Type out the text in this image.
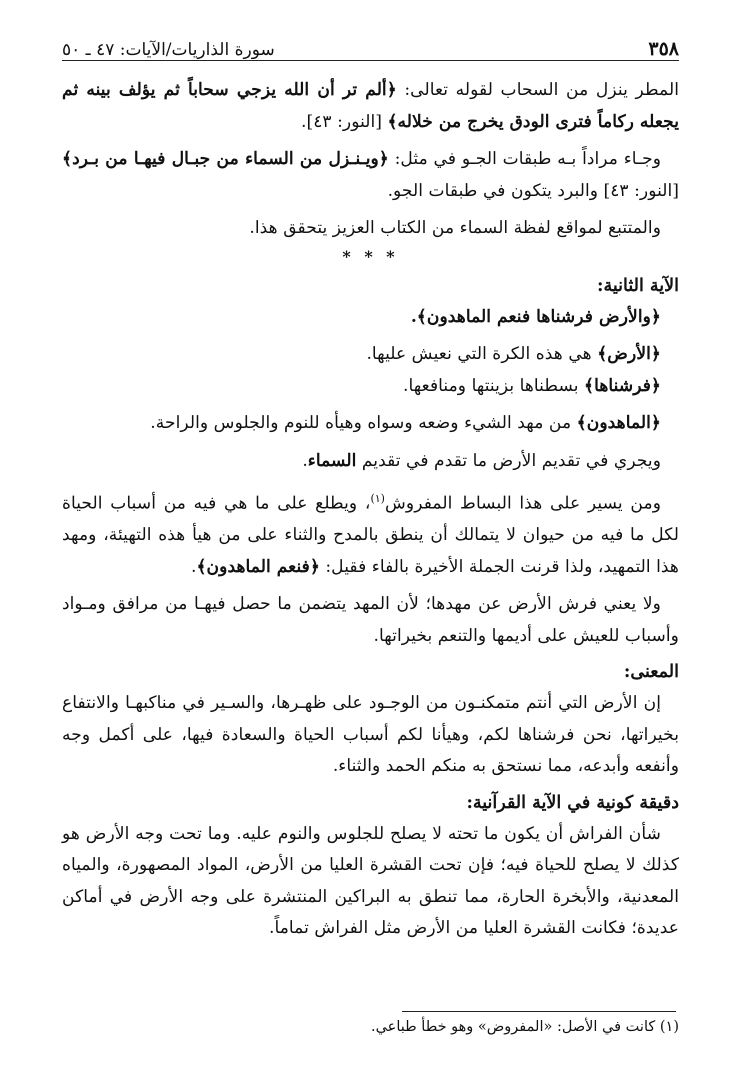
٣٥٨
سورة الذاريات/الآيات: ٤٧ ـ ٥٠

المطر ينزل من السحاب لقوله تعالى: ﴿ألم تر أن الله يزجي سحاباً ثم يؤلف بينه ثم يجعله ركاماً فترى الودق يخرج من خلاله﴾ [النور: ٤٣].

وجـاء مراداً بـه طبقات الجـو في مثل: ﴿ويـنـزل من السماء من جبـال فيهـا من بـرد﴾ [النور: ٤٣] والبرد يتكون في طبقات الجو.

والمتتبع لمواقع لفظة السماء من الكتاب العزيز يتحقق هذا.

* * *
الآية الثانية:

﴿والأرض فرشناها فنعم الماهدون﴾.

﴿الأرض﴾ هي هذه الكرة التي نعيش عليها.

﴿فرشناها﴾ بسطناها بزينتها ومنافعها.

﴿الماهدون﴾ من مهد الشيء وضعه وسواه وهيأه للنوم والجلوس والراحة.

ويجري في تقديم الأرض ما تقدم في تقديم السماء.

ومن يسير على هذا البساط المفروش$^{(١)}$، ويطلع على ما هي فيه من أسباب الحياة لكل ما فيه من حيوان لا يتمالك أن ينطق بالمدح والثناء على من هيأ هذه التهيئة، ومهد هذا التمهيد، ولذا قرنت الجملة الأخيرة بالفاء فقيل: ﴿فنعم الماهدون﴾.

ولا يعني فرش الأرض عن مهدها؛ لأن المهد يتضمن ما حصل فيهـا من مرافق ومـواد وأسباب للعيش على أديمها والتنعم بخيراتها.

المعنى:

إن الأرض التي أنتم متمكنـون من الوجـود على ظهـرها، والسـير في مناكبهـا والانتفاع بخيراتها، نحن فرشناها لكم، وهيأنا لكم أسباب الحياة والسعادة فيها، على أكمل وجه وأنفعه وأبدعه، مما نستحق به منكم الحمد والثناء.

دقيقة كونية في الآية القرآنية:

شأن الفراش أن يكون ما تحته لا يصلح للجلوس والنوم عليه. وما تحت وجه الأرض هو كذلك لا يصلح للحياة فيه؛ فإن تحت القشرة العليا من الأرض، المواد المصهورة، والمياه المعدنية، والأبخرة الحارة، مما تنطق به البراكين المنتشرة على وجه الأرض في أماكن عديدة؛ فكانت القشرة العليا من الأرض مثل الفراش تماماً.

(١) كانت في الأصل: «المفروض» وهو خطأ طباعي.
